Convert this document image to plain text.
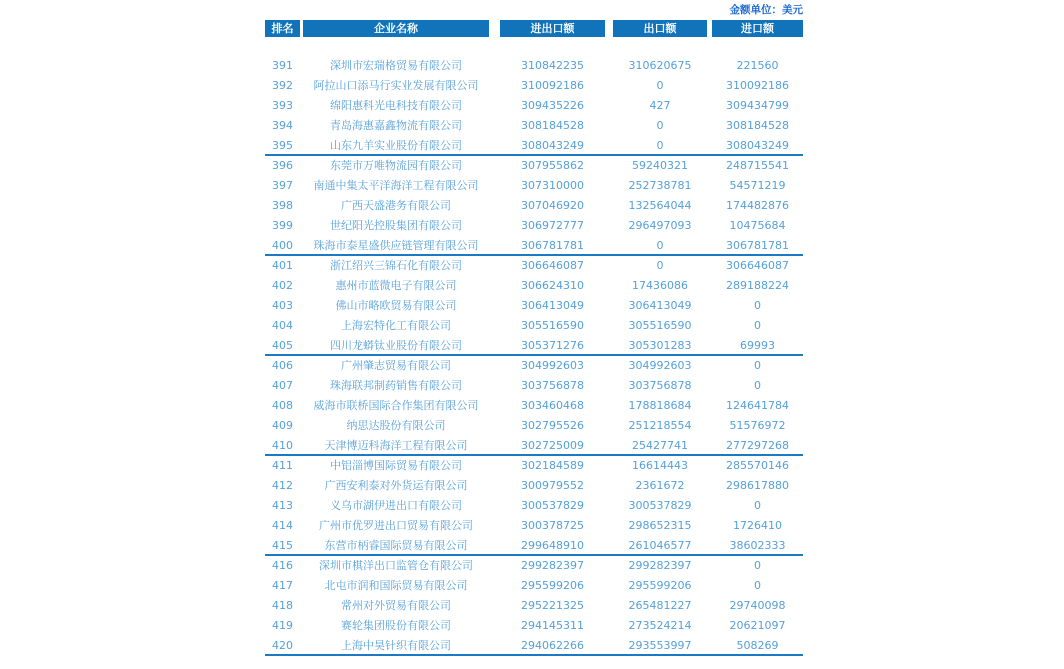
金额单位：美元
排名	企业名称	进出口额	出口额	进口额
391	深圳市宏瑞格贸易有限公司	310842235	310620675	221560
392	阿拉山口添马行实业发展有限公司	310092186	0	310092186
393	绵阳惠科光电科技有限公司	309435226	427	309434799
394	青岛海惠嘉鑫物流有限公司	308184528	0	308184528
395	山东九羊实业股份有限公司	308043249	0	308043249
396	东莞市万唯物流园有限公司	307955862	59240321	248715541
397	南通中集太平洋海洋工程有限公司	307310000	252738781	54571219
398	广西天盛港务有限公司	307046920	132564044	174482876
399	世纪阳光控股集团有限公司	306972777	296497093	10475684
400	珠海市泰星盛供应链管理有限公司	306781781	0	306781781
401	浙江绍兴三锦石化有限公司	306646087	0	306646087
402	惠州市蓝微电子有限公司	306624310	17436086	289188224
403	佛山市略欧贸易有限公司	306413049	306413049	0
404	上海宏特化工有限公司	305516590	305516590	0
405	四川龙蟒钛业股份有限公司	305371276	305301283	69993
406	广州肇志贸易有限公司	304992603	304992603	0
407	珠海联邦制药销售有限公司	303756878	303756878	0
408	威海市联桥国际合作集团有限公司	303460468	178818684	124641784
409	纳思达股份有限公司	302795526	251218554	51576972
410	天津博迈科海洋工程有限公司	302725009	25427741	277297268
411	中铝淄博国际贸易有限公司	302184589	16614443	285570146
412	广西安利泰对外货运有限公司	300979552	2361672	298617880
413	义乌市湖伊进出口有限公司	300537829	300537829	0
414	广州市优罗进出口贸易有限公司	300378725	298652315	1726410
415	东营市柄睿国际贸易有限公司	299648910	261046577	38602333
416	深圳市棋洋出口监管仓有限公司	299282397	299282397	0
417	北屯市润和国际贸易有限公司	295599206	295599206	0
418	常州对外贸易有限公司	295221325	265481227	29740098
419	赛轮集团股份有限公司	294145311	273524214	20621097
420	上海中昊针织有限公司	294062266	293553997	508269
